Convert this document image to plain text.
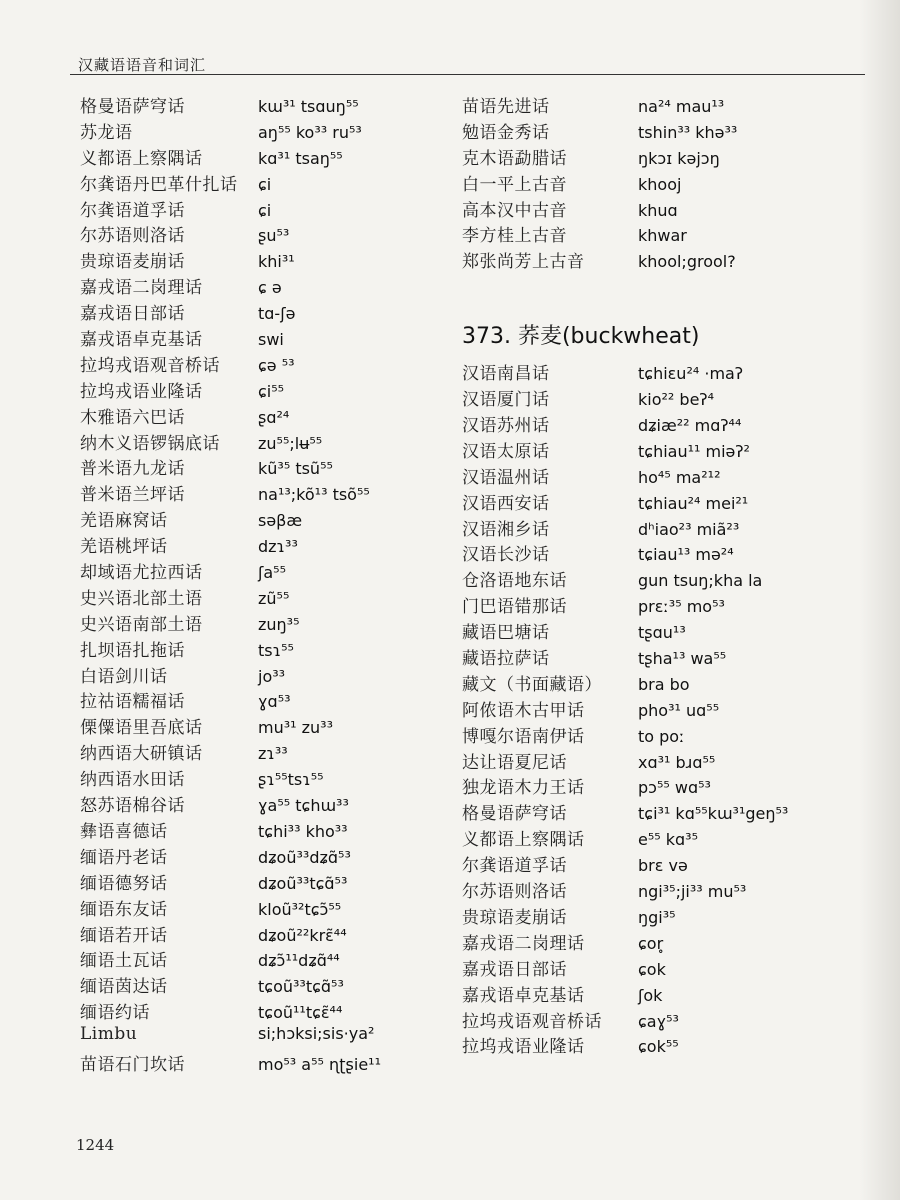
汉藏语语音和词汇
格曼语萨穹话	kɯ³¹ tsɑuŋ⁵⁵
苏龙语	aŋ⁵⁵ ko³³ ru⁵³
义都语上察隅话	kɑ³¹ tsaŋ⁵⁵
尔龚语丹巴革什扎话	ɕi
尔龚语道孚话	ɕi
尔苏语则洛话	ʂu⁵³
贵琼语麦崩话	khi³¹
嘉戎语二岗理话	ɕ ə
嘉戎语日部话	tɑ-ʃə
嘉戎语卓克基话	swi
拉坞戎语观音桥话	ɕə ⁵³
拉坞戎语业隆话	ɕi⁵⁵
木雅语六巴话	ʂɑ²⁴
纳木义语锣锅底话	zu⁵⁵;lʉ⁵⁵
普米语九龙话	kũ³⁵ tsũ⁵⁵
普米语兰坪话	na¹³;kõ¹³ tsõ⁵⁵
羌语麻窝话	səβæ
羌语桃坪话	dzɿ³³
却域语尤拉西话	ʃa⁵⁵
史兴语北部土语	zũ⁵⁵
史兴语南部土语	zuŋ³⁵
扎坝语扎拖话	tsɿ⁵⁵
白语剑川话	jo³³
拉祜语糯福话	ɣɑ⁵³
傈僳语里吾底话	mu³¹ zu³³
纳西语大研镇话	zɿ³³
纳西语水田话	ʂɿ⁵⁵tsɿ⁵⁵
怒苏语棉谷话	ɣa⁵⁵ tɕhɯ³³
彝语喜德话	tɕhi³³ kho³³
缅语丹老话	dʑoũ³³dʑɑ̃⁵³
缅语德努话	dʑoũ³³tɕɑ̃⁵³
缅语东友话	kloũ³²tɕɔ̃⁵⁵
缅语若开话	dʑoũ²²krɛ̃⁴⁴
缅语土瓦话	dʑɔ̃¹¹dʑɑ̃⁴⁴
缅语茵达话	tɕoũ³³tɕɑ̃⁵³
缅语约话	tɕoũ¹¹tɕɛ̃⁴⁴
Limbu	si;hɔksi;sis·ya²
苗语石门坎话	mo⁵³ a⁵⁵ ɳʈʂie¹¹
苗语先进话	na²⁴ mau¹³
勉语金秀话	tshin³³ khə³³
克木语勐腊话	ŋkɔɪ kəjɔŋ
白一平上古音	khooj
高本汉中古音	khuɑ
李方桂上古音	khwar
郑张尚芳上古音	khool;grool?
373. 荞麦(buckwheat)
汉语南昌话	tɕhiɛu²⁴ ·maʔ
汉语厦门话	kio²² beʔ⁴
汉语苏州话	dʑiæ²² mɑʔ⁴⁴
汉语太原话	tɕhiau¹¹ miəʔ²
汉语温州话	ho⁴⁵ ma²¹²
汉语西安话	tɕhiau²⁴ mei²¹
汉语湘乡话	dʰiao²³ miã²³
汉语长沙话	tɕiau¹³ mə²⁴
仓洛语地东话	gun tsuŋ;kha la
门巴语错那话	prɛː³⁵ mo⁵³
藏语巴塘话	tʂɑu¹³
藏语拉萨话	tʂha¹³ wa⁵⁵
藏文（书面藏语）	bra bo
阿侬语木古甲话	pho³¹ uɑ⁵⁵
博嘎尔语南伊话	to poː
达让语夏尼话	xɑ³¹ bɹɑ⁵⁵
独龙语木力王话	pɔ⁵⁵ wɑ⁵³
格曼语萨穹话	tɕi³¹ kɑ⁵⁵kɯ³¹geŋ⁵³
义都语上察隅话	e⁵⁵ kɑ³⁵
尔龚语道孚话	brɛ və
尔苏语则洛话	ngi³⁵;ji³³ mu⁵³
贵琼语麦崩话	ŋgi³⁵
嘉戎语二岗理话	ɕor̥
嘉戎语日部话	ɕok
嘉戎语卓克基话	ʃok
拉坞戎语观音桥话	ɕaɣ⁵³
拉坞戎语业隆话	ɕok⁵⁵
1244
